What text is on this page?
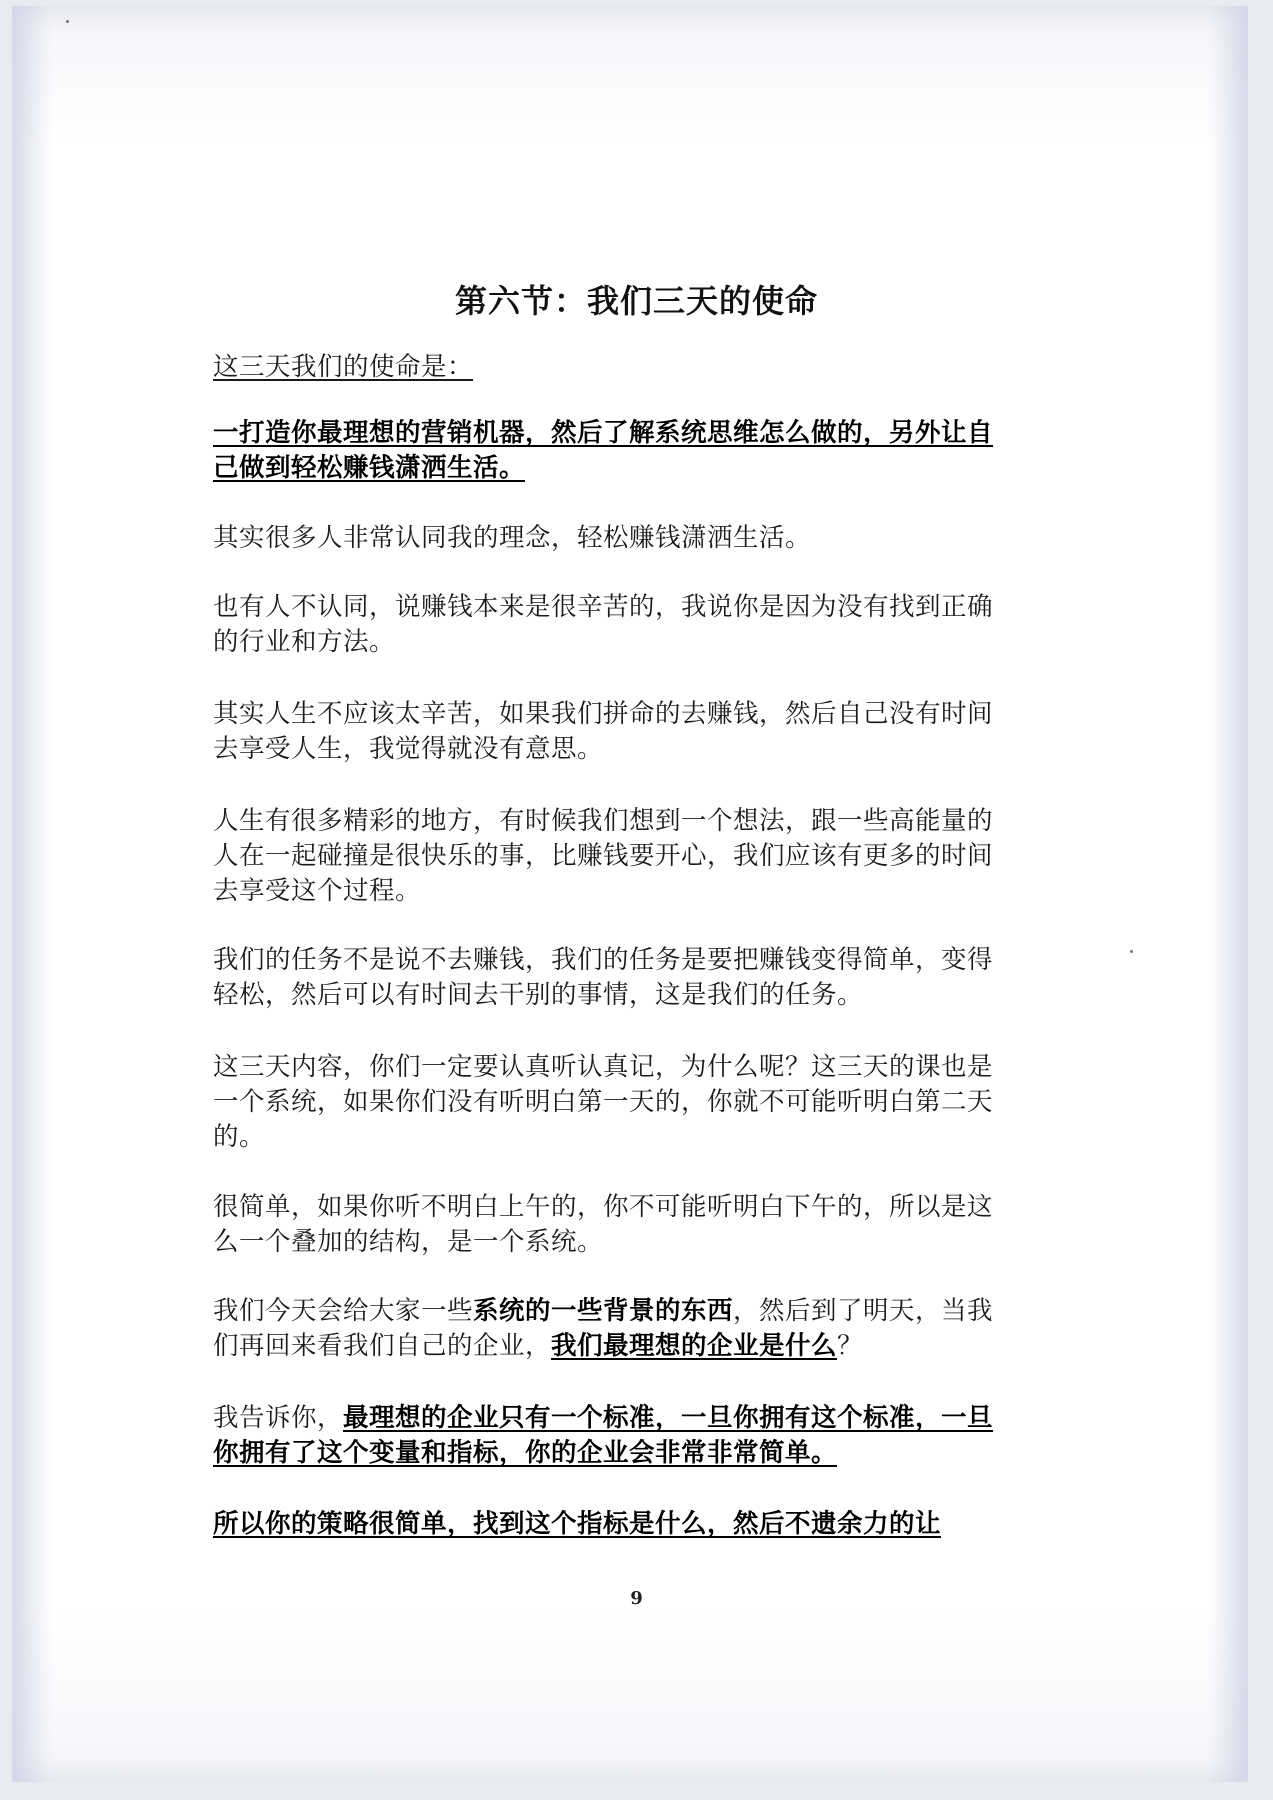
第六节：我们三天的使命

这三天我们的使命是：

一打造你最理想的营销机器，然后了解系统思维怎么做的，另外让自己做到轻松赚钱潇洒生活。

其实很多人非常认同我的理念，轻松赚钱潇洒生活。

也有人不认同，说赚钱本来是很辛苦的，我说你是因为没有找到正确的行业和方法。

其实人生不应该太辛苦，如果我们拼命的去赚钱，然后自己没有时间去享受人生，我觉得就没有意思。

人生有很多精彩的地方，有时候我们想到一个想法，跟一些高能量的人在一起碰撞是很快乐的事，比赚钱要开心，我们应该有更多的时间去享受这个过程。

我们的任务不是说不去赚钱，我们的任务是要把赚钱变得简单，变得轻松，然后可以有时间去干别的事情，这是我们的任务。

这三天内容，你们一定要认真听认真记，为什么呢？这三天的课也是一个系统，如果你们没有听明白第一天的，你就不可能听明白第二天的。

很简单，如果你听不明白上午的，你不可能听明白下午的，所以是这么一个叠加的结构，是一个系统。

我们今天会给大家一些系统的一些背景的东西，然后到了明天，当我们再回来看我们自己的企业，我们最理想的企业是什么？

我告诉你，最理想的企业只有一个标准，一旦你拥有这个标准，一旦你拥有了这个变量和指标，你的企业会非常非常简单。

所以你的策略很简单，找到这个指标是什么，然后不遗余力的让

9
